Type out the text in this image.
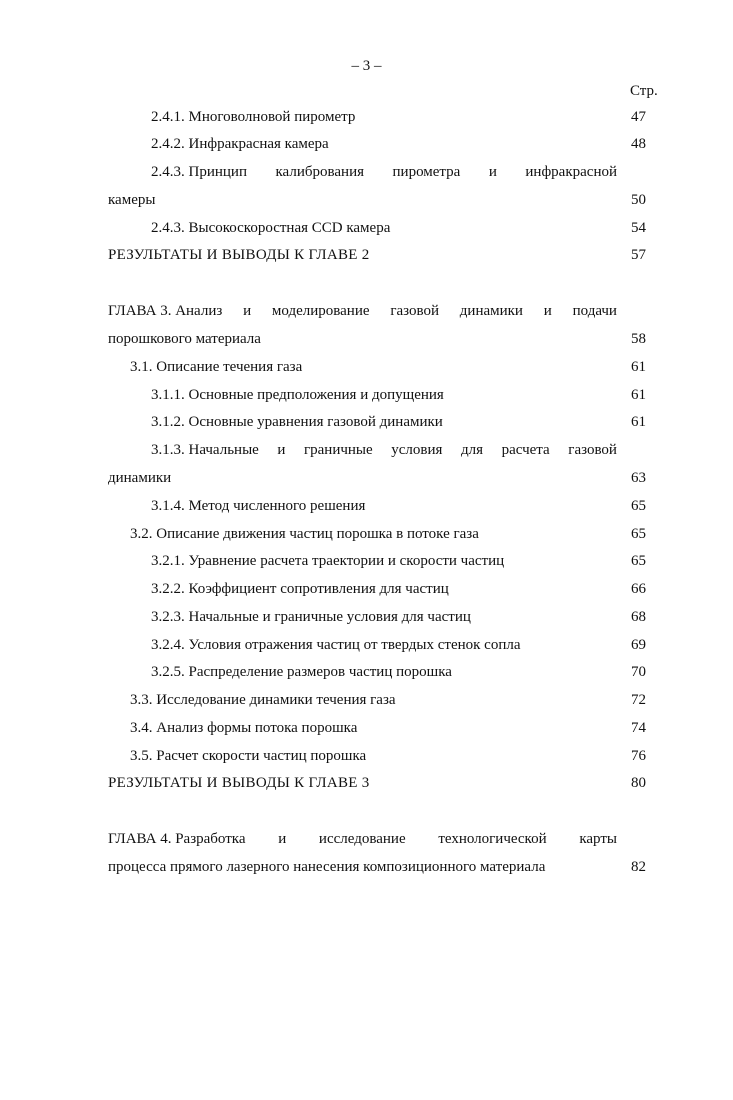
– 3 –
Стр.
2.4.1. Многоволновой пирометр	47
2.4.2. Инфракрасная камера	48
2.4.3. Принцип калибрования пирометра и инфракрасной
камеры	50
2.4.3. Высокоскоростная CCD камера	54
РЕЗУЛЬТАТЫ И ВЫВОДЫ К ГЛАВЕ 2	57
ГЛАВА 3. Анализ и моделирование газовой динамики и подачи
порошкового материала	58
3.1. Описание течения газа	61
3.1.1. Основные предположения и допущения	61
3.1.2. Основные уравнения газовой динамики	61
3.1.3. Начальные и граничные условия для расчета газовой
динамики	63
3.1.4. Метод численного решения	65
3.2. Описание движения частиц порошка в потоке газа	65
3.2.1. Уравнение расчета траектории и скорости частиц	65
3.2.2. Коэффициент сопротивления для частиц	66
3.2.3. Начальные и граничные условия для частиц	68
3.2.4. Условия отражения частиц от твердых стенок сопла	69
3.2.5. Распределение размеров частиц порошка	70
3.3. Исследование динамики течения газа	72
3.4. Анализ формы потока порошка	74
3.5. Расчет скорости частиц порошка	76
РЕЗУЛЬТАТЫ И ВЫВОДЫ К ГЛАВЕ 3	80
ГЛАВА 4. Разработка и исследование технологической карты
процесса прямого лазерного нанесения композиционного материала	82
